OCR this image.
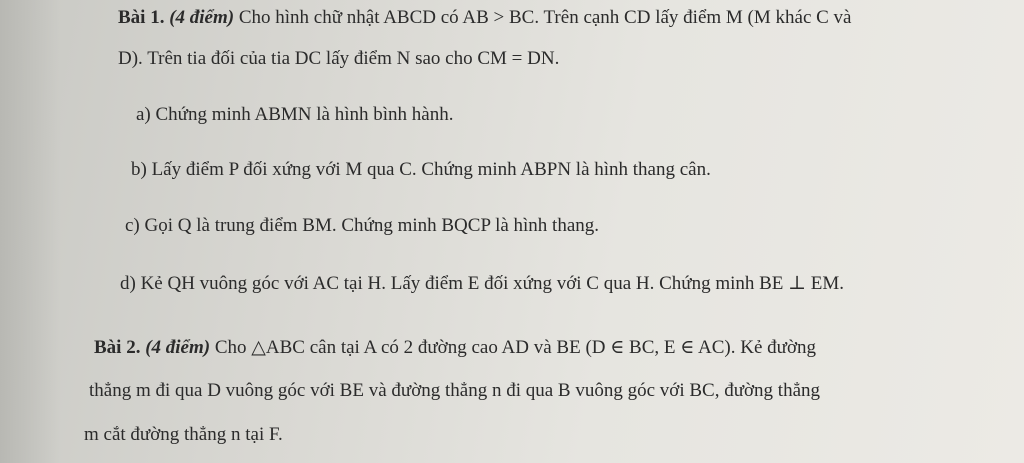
Bài 1. (4 điểm) Cho hình chữ nhật ABCD có AB > BC. Trên cạnh CD lấy điểm M (M khác C và
D). Trên tia đối của tia DC lấy điểm N sao cho CM = DN.
a) Chứng minh ABMN là hình bình hành.
b) Lấy điểm P đối xứng với M qua C. Chứng minh ABPN là hình thang cân.
c) Gọi Q là trung điểm BM. Chứng minh BQCP là hình thang.
d) Kẻ QH vuông góc với AC tại H. Lấy điểm E đối xứng với C qua H. Chứng minh BE ⊥ EM.
Bài 2. (4 điểm) Cho △ABC cân tại A có 2 đường cao AD và BE (D ∈ BC, E ∈ AC). Kẻ đường
thẳng m đi qua D vuông góc với BE và đường thẳng n đi qua B vuông góc với BC, đường thẳng
m cắt đường thẳng n tại F.
